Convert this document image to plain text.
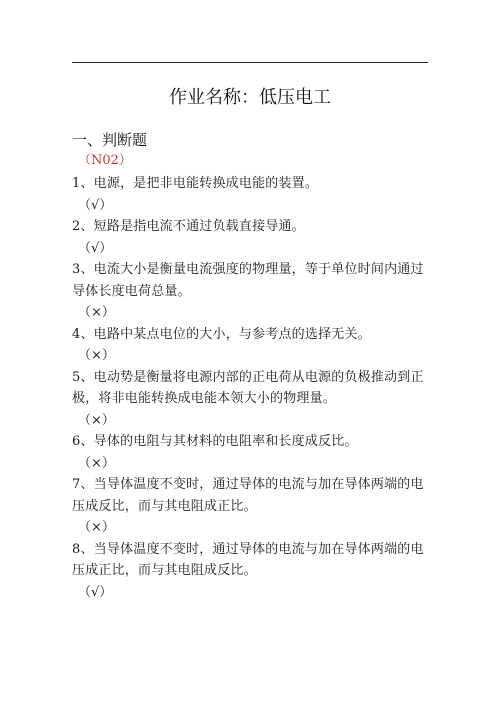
作业名称：低压电工
一、判断题
（N02）
1、电源，是把非电能转换成电能的装置。
（√）
2、短路是指电流不通过负载直接导通。
（√）
3、电流大小是衡量电流强度的物理量，等于单位时间内通过导体长度电荷总量。
（×）
4、电路中某点电位的大小，与参考点的选择无关。
（×）
5、电动势是衡量将电源内部的正电荷从电源的负极推动到正极，将非电能转换成电能本领大小的物理量。
（×）
6、导体的电阻与其材料的电阻率和长度成反比。
（×）
7、当导体温度不变时，通过导体的电流与加在导体两端的电压成反比，而与其电阻成正比。
（×）
8、当导体温度不变时，通过导体的电流与加在导体两端的电压成正比，而与其电阻成反比。
（√）
